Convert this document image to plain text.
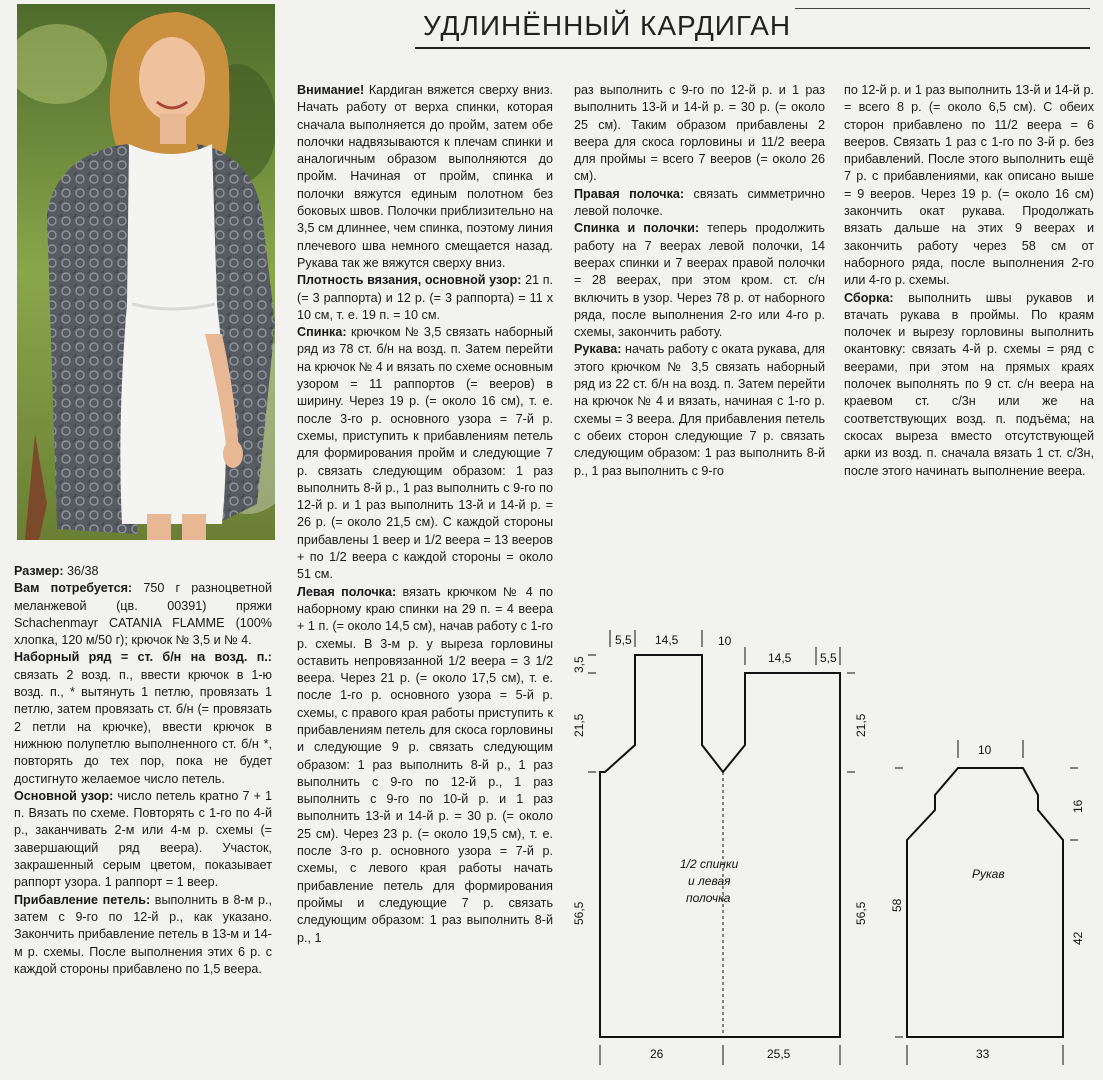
УДЛИНЁННЫЙ КАРДИГАН

Размер: 36/38

Вам потребуется: 750 г разноцветной меланжевой (цв. 00391) пряжи Schachenmayr CATANIA FLAMME (100% хлопка, 120 м/50 г); крючок № 3,5 и № 4.

Наборный ряд = ст. б/н на возд. п.: связать 2 возд. п., ввести крючок в 1-ю возд. п., * вытянуть 1 петлю, провязать 1 петлю, затем провязать ст. б/н (= провязать 2 петли на крючке), ввести крючок в нижнюю полупетлю выполненного ст. б/н *, повторять до тех пор, пока не будет достигнуто желаемое число петель.

Основной узор: число петель кратно 7 + 1 п. Вязать по схеме. Повторять с 1-го по 4-й р., заканчивать 2-м или 4-м р. схемы (= завершающий ряд веера). Участок, закрашенный серым цветом, показывает раппорт узора. 1 раппорт = 1 веер.

Прибавление петель: выполнить в 8-м р., затем с 9-го по 12-й р., как указано. Закончить прибавление петель в 13-м и 14-м р. схемы. После выполнения этих 6 р. с каждой стороны прибавлено по 1,5 веера.

Внимание! Кардиган вяжется сверху вниз. Начать работу от верха спинки, которая сначала выполняется до пройм, затем обе полочки надвязываются к плечам спинки и аналогичным образом выполняются до пройм. Начиная от пройм, спинка и полочки вяжутся единым полотном без боковых швов. Полочки приблизительно на 3,5 см длиннее, чем спинка, поэтому линия плечевого шва немного смещается назад. Рукава так же вяжутся сверху вниз.

Плотность вязания, основной узор: 21 п. (= 3 раппорта) и 12 р. (= 3 раппорта) = 11 x 10 см, т. е. 19 п. = 10 см.

Спинка: крючком № 3,5 связать наборный ряд из 78 ст. б/н на возд. п. Затем перейти на крючок № 4 и вязать по схеме основным узором = 11 раппортов (= вееров) в ширину. Через 19 р. (= около 16 см), т. е. после 3-го р. основного узора = 7-й р. схемы, приступить к прибавлениям петель для формирования пройм и следующие 7 р. связать следующим образом: 1 раз выполнить 8-й р., 1 раз выполнить с 9-го по 12-й р. и 1 раз выполнить 13-й и 14-й р. = 26 р. (= около 21,5 см). С каждой стороны прибавлены 1 веер и 1/2 веера = 13 вееров + по 1/2 веера с каждой стороны = около 51 см.

Левая полочка: вязать крючком № 4 по наборному краю спинки на 29 п. = 4 веера + 1 п. (= около 14,5 см), начав работу с 1-го р. схемы. В 3-м р. у выреза горловины оставить непровязанной 1/2 веера = 3 1/2 веера. Через 21 р. (= около 17,5 см), т. е. после 1-го р. основного узора = 5-й р. схемы, с правого края работы приступить к прибавлениям петель для скоса горловины и следующие 9 р. связать следующим образом: 1 раз выполнить 8-й р., 1 раз выполнить с 9-го по 12-й р., 1 раз выполнить с 9-го по 10-й р. и 1 раз выполнить 13-й и 14-й р. = 30 р. (= около 25 см). Через 23 р. (= около 19,5 см), т. е. после 3-го р. основного узора = 7-й р. схемы, с левого края работы начать прибавление петель для формирования проймы и следующие 7 р. связать следующим образом: 1 раз выполнить 8-й р., 1

раз выполнить с 9-го по 12-й р. и 1 раз выполнить 13-й и 14-й р. = 30 р. (= около 25 см). Таким образом прибавлены 2 веера для скоса горловины и 11/2 веера для проймы = всего 7 вееров (= около 26 см).

Правая полочка: связать симметрично левой полочке.

Спинка и полочки: теперь продолжить работу на 7 веерах левой полочки, 14 веерах спинки и 7 веерах правой полочки = 28 веерах, при этом кром. ст. с/н включить в узор. Через 78 р. от наборного ряда, после выполнения 2-го или 4-го р. схемы, закончить работу.

Рукава: начать работу с оката рукава, для этого крючком № 3,5 связать наборный ряд из 22 ст. б/н на возд. п. Затем перейти на крючок № 4 и вязать, начиная с 1-го р. схемы = 3 веера. Для прибавления петель с обеих сторон следующие 7 р. связать следующим образом: 1 раз выполнить 8-й р., 1 раз выполнить с 9-го

по 12-й р. и 1 раз выполнить 13-й и 14-й р. = всего 8 р. (= около 6,5 см). С обеих сторон прибавлено по 11/2 веера = 6 вееров. Связать 1 раз с 1-го по 3-й р. без прибавлений. После этого выполнить ещё 7 р. с прибавлениями, как описано выше = 9 вееров. Через 19 р. (= около 16 см) закончить окат рукава. Продолжать вязать дальше на этих 9 веерах и закончить работу через 58 см от наборного ряда, после выполнения 2-го или 4-го р. схемы.

Сборка: выполнить швы рукавов и втачать рукава в проймы. По краям полочек и вырезу горловины выполнить окантовку: связать 4-й р. схемы = ряд с веерами, при этом на прямых краях полочек выполнять по 9 ст. с/н веера на краевом ст. с/3н или же на соответствующих возд. п. подъёма; на скосах выреза вместо отсутствующей арки из возд. п. сначала вязать 1 ст. с/3н, после этого начинать выполнение веера.

5,5 14,5	10
14,5 5,5
3,5
21,5
56,5
21,5
56,5
1/2 спинки
и левая
полочка
26	25,5
10
16
58
42
Рукав
33
